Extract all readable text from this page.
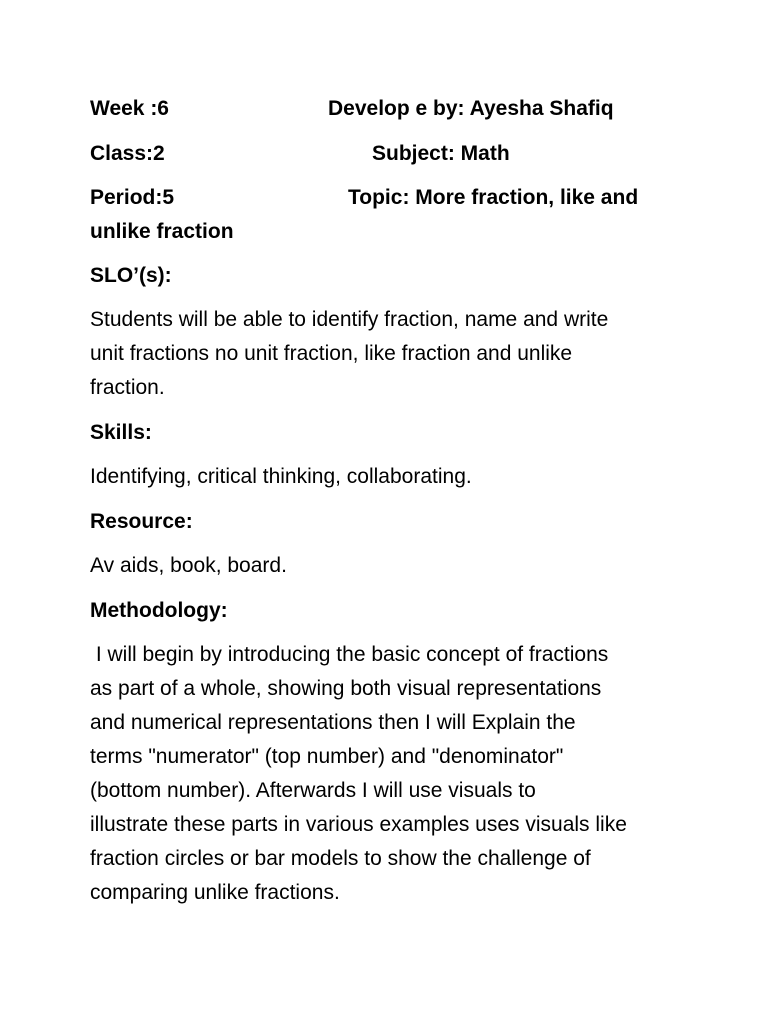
Week :6	Develop e by: Ayesha Shafiq
Class:2	Subject: Math
Period:5	Topic: More fraction, like and
unlike fraction
SLO’(s):
Students will be able to identify fraction, name and write
unit fractions no unit fraction, like fraction and unlike
fraction.
Skills:
Identifying, critical thinking, collaborating.
Resource:
Av aids, book, board.
Methodology:
I will begin by introducing the basic concept of fractions
as part of a whole, showing both visual representations
and numerical representations then I will Explain the
terms "numerator" (top number) and "denominator"
(bottom number). Afterwards I will use visuals to
illustrate these parts in various examples uses visuals like
fraction circles or bar models to show the challenge of
comparing unlike fractions.
